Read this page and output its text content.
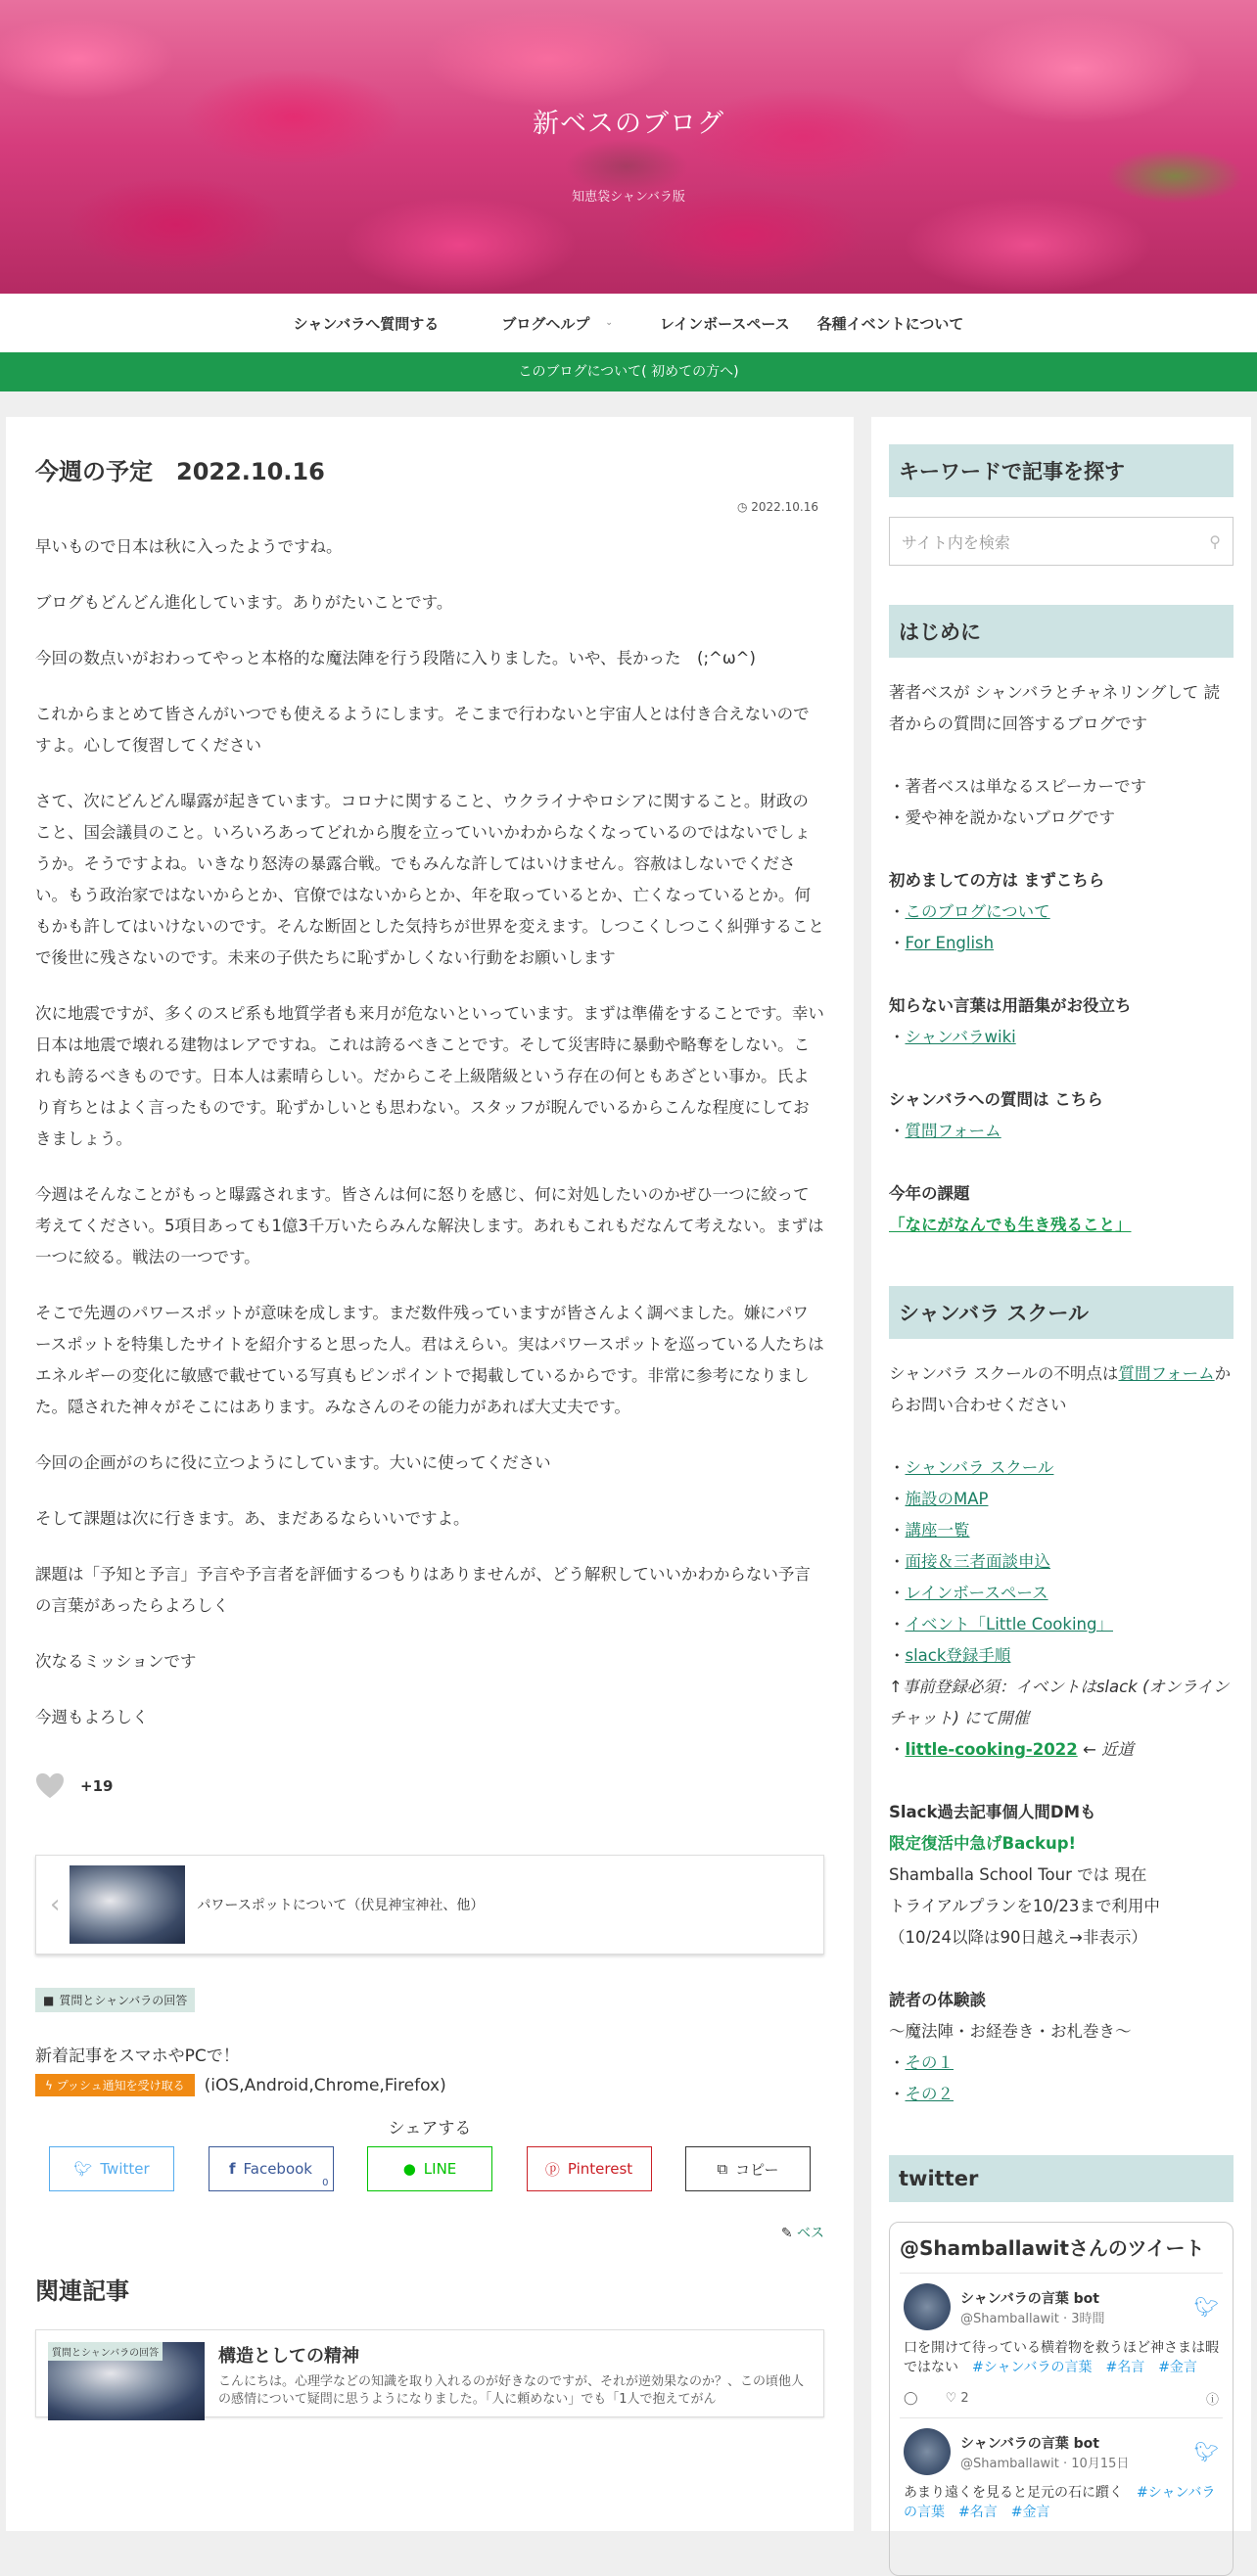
新ベスのブログ
知恵袋シャンバラ版
シャンバラへ質問する	ブログヘルプ ⌄	レインボースペース 各種イベントについて
このブログについて( 初めての方へ)
今週の予定　2022.10.16
◷ 2022.10.16

早いもので日本は秋に入ったようですね。

ブログもどんどん進化しています。ありがたいことです。

今回の数点いがおわってやっと本格的な魔法陣を行う段階に入りました。いや、長かった　(;^ω^)

これからまとめて皆さんがいつでも使えるようにします。そこまで行わないと宇宙人とは付き合えないのですよ。心して復習してください

さて、次にどんどん曝露が起きています。コロナに関すること、ウクライナやロシアに関すること。財政のこと、国会議員のこと。いろいろあってどれから腹を立っていいかわからなくなっているのではないでしょうか。そうですよね。いきなり怒涛の暴露合戦。でもみんな許してはいけません。容赦はしないでください。もう政治家ではないからとか、官僚ではないからとか、年を取っているとか、亡くなっているとか。何もかも許してはいけないのです。そんな断固とした気持ちが世界を変えます。しつこくしつこく糾弾することで後世に残さないのです。未来の子供たちに恥ずかしくない行動をお願いします

次に地震ですが、多くのスピ系も地質学者も来月が危ないといっています。まずは準備をすることです。幸い日本は地震で壊れる建物はレアですね。これは誇るべきことです。そして災害時に暴動や略奪をしない。これも誇るべきものです。日本人は素晴らしい。だからこそ上級階級という存在の何ともあざとい事か。氏より育ちとはよく言ったものです。恥ずかしいとも思わない。スタッフが睨んでいるからこんな程度にしておきましょう。

今週はそんなことがもっと曝露されます。皆さんは何に怒りを感じ、何に対処したいのかぜひ一つに絞って考えてください。5項目あっても1億3千万いたらみんな解決します。あれもこれもだなんて考えない。まずは一つに絞る。戦法の一つです。

そこで先週のパワースポットが意味を成します。まだ数件残っていますが皆さんよく調べました。嫌にパワースポットを特集したサイトを紹介すると思った人。君はえらい。実はパワースポットを巡っている人たちはエネルギーの変化に敏感で載せている写真もピンポイントで掲載しているからです。非常に参考になりました。隠された神々がそこにはあります。みなさんのその能力があれば大丈夫です。

今回の企画がのちに役に立つようにしています。大いに使ってください

そして課題は次に行きます。あ、まだあるならいいですよ。

課題は「予知と予言」予言や予言者を評価するつもりはありませんが、どう解釈していいかわからない予言の言葉があったらよろしく

次なるミッションです

今週もよろしく

+19
‹	パワースポットについて（伏見神宝神社、他）
■ 質問とシャンバラの回答
新着記事をスマホやPCで！
ϟ プッシュ通知を受け取る	(iOS,Android,Chrome,Firefox)
シェアする
🐦︎ Twitter	f Facebook
0
● LINE	ⓟ Pinterest	⧉ コピー
✎ ベス
関連記事
質問とシャンバラの回答	構造としての精神
こんにちは。心理学などの知識を取り入れるのが好きなのですが、それが逆効果なのか？、この頃他人の感情について疑問に思うようになりました。「人に頼めない」でも「1人で抱えてがん
キーワードで記事を探す
サイト内を検索	⚲
はじめに
著者ベスが シャンバラとチャネリングして 読者からの質問に回答するブログです
・著者ベスは単なるスピーカーです
・愛や神を説かないブログです
初めましての方は まずこちら
・このブログについて
・For English
知らない言葉は用語集がお役立ち
・シャンバラwiki
シャンバラへの質問は こちら
・質問フォーム
今年の課題
「なにがなんでも生き残ること」
シャンバラ スクール
シャンバラ スクールの不明点は質問フォームからお問い合わせください
・シャンバラ スクール
・施設のMAP
・講座一覧
・面接＆三者面談申込
・レインボースペース
・イベント「Little Cooking」
・slack登録手順
↑事前登録必須：イベントはslack (オンラインチャット) にて開催
・little-cooking-2022 ← 近道
Slack過去記事個人間DMも
限定復活中急げBackup!
Shamballa School Tour では 現在
トライアルプランを10/23まで利用中
（10/24以降は90日越え→非表示）
読者の体験談
〜魔法陣・お経巻き・お札巻き〜
・その１
・その２
twitter
@Shamballawitさんのツイート
シャンバラの言葉 bot
@Shamballawit · 3時間	🐦︎
口を開けて待っている横着物を救うほど神さまは暇ではない　 #シャンバラの言葉　#名言　#金言
◯ ♡ 2	ⓘ
シャンバラの言葉 bot
@Shamballawit · 10月15日	🐦︎
あまり遠くを見ると足元の石に躓く　 #シャンバラの言葉　#名言　#金言
